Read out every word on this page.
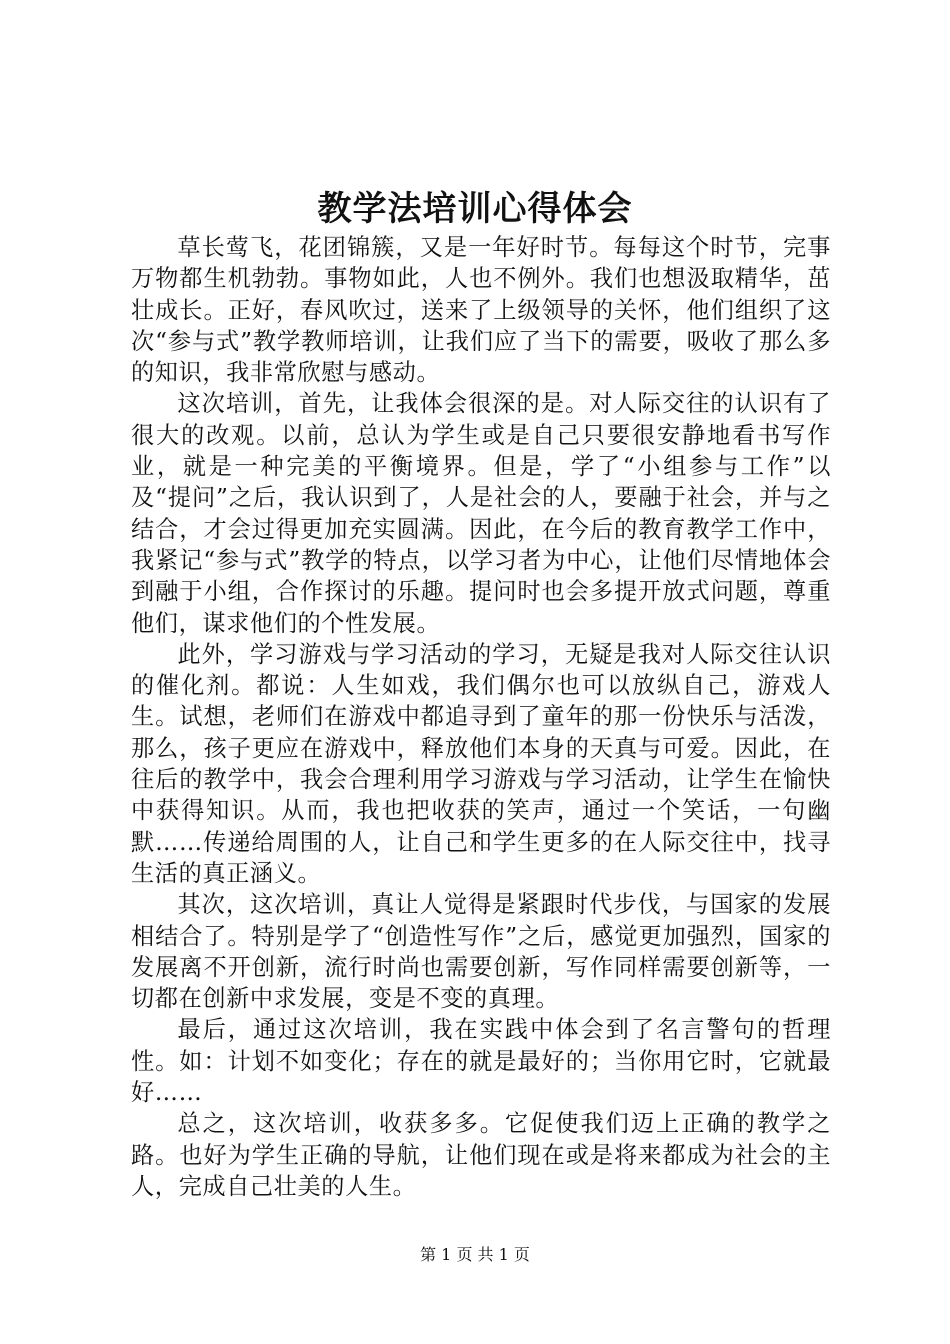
教学法培训心得体会

草长莺飞，花团锦簇，又是一年好时节。每每这个时节，完事万物都生机勃勃。事物如此，人也不例外。我们也想汲取精华，茁壮成长。正好，春风吹过，送来了上级领导的关怀，他们组织了这次“参与式”教学教师培训，让我们应了当下的需要，吸收了那么多的知识，我非常欣慰与感动。

这次培训，首先，让我体会很深的是。对人际交往的认识有了很大的改观。以前，总认为学生或是自己只要很安静地看书写作业，就是一种完美的平衡境界。但是，学了“小组参与工作”以及“提问”之后，我认识到了，人是社会的人，要融于社会，并与之结合，才会过得更加充实圆满。因此，在今后的教育教学工作中，我紧记“参与式”教学的特点，以学习者为中心，让他们尽情地体会到融于小组，合作探讨的乐趣。提问时也会多提开放式问题，尊重他们，谋求他们的个性发展。

此外，学习游戏与学习活动的学习，无疑是我对人际交往认识的催化剂。都说：人生如戏，我们偶尔也可以放纵自己，游戏人生。试想，老师们在游戏中都追寻到了童年的那一份快乐与活泼，那么，孩子更应在游戏中，释放他们本身的天真与可爱。因此，在往后的教学中，我会合理利用学习游戏与学习活动，让学生在愉快中获得知识。从而，我也把收获的笑声，通过一个笑话，一句幽默……传递给周围的人，让自己和学生更多的在人际交往中，找寻生活的真正涵义。

其次，这次培训，真让人觉得是紧跟时代步伐，与国家的发展相结合了。特别是学了“创造性写作”之后，感觉更加强烈，国家的发展离不开创新，流行时尚也需要创新，写作同样需要创新等，一切都在创新中求发展，变是不变的真理。

最后，通过这次培训，我在实践中体会到了名言警句的哲理性。如：计划不如变化；存在的就是最好的；当你用它时，它就最好……

总之，这次培训，收获多多。它促使我们迈上正确的教学之路。也好为学生正确的导航，让他们现在或是将来都成为社会的主人，完成自己壮美的人生。

第 1 页 共 1 页
